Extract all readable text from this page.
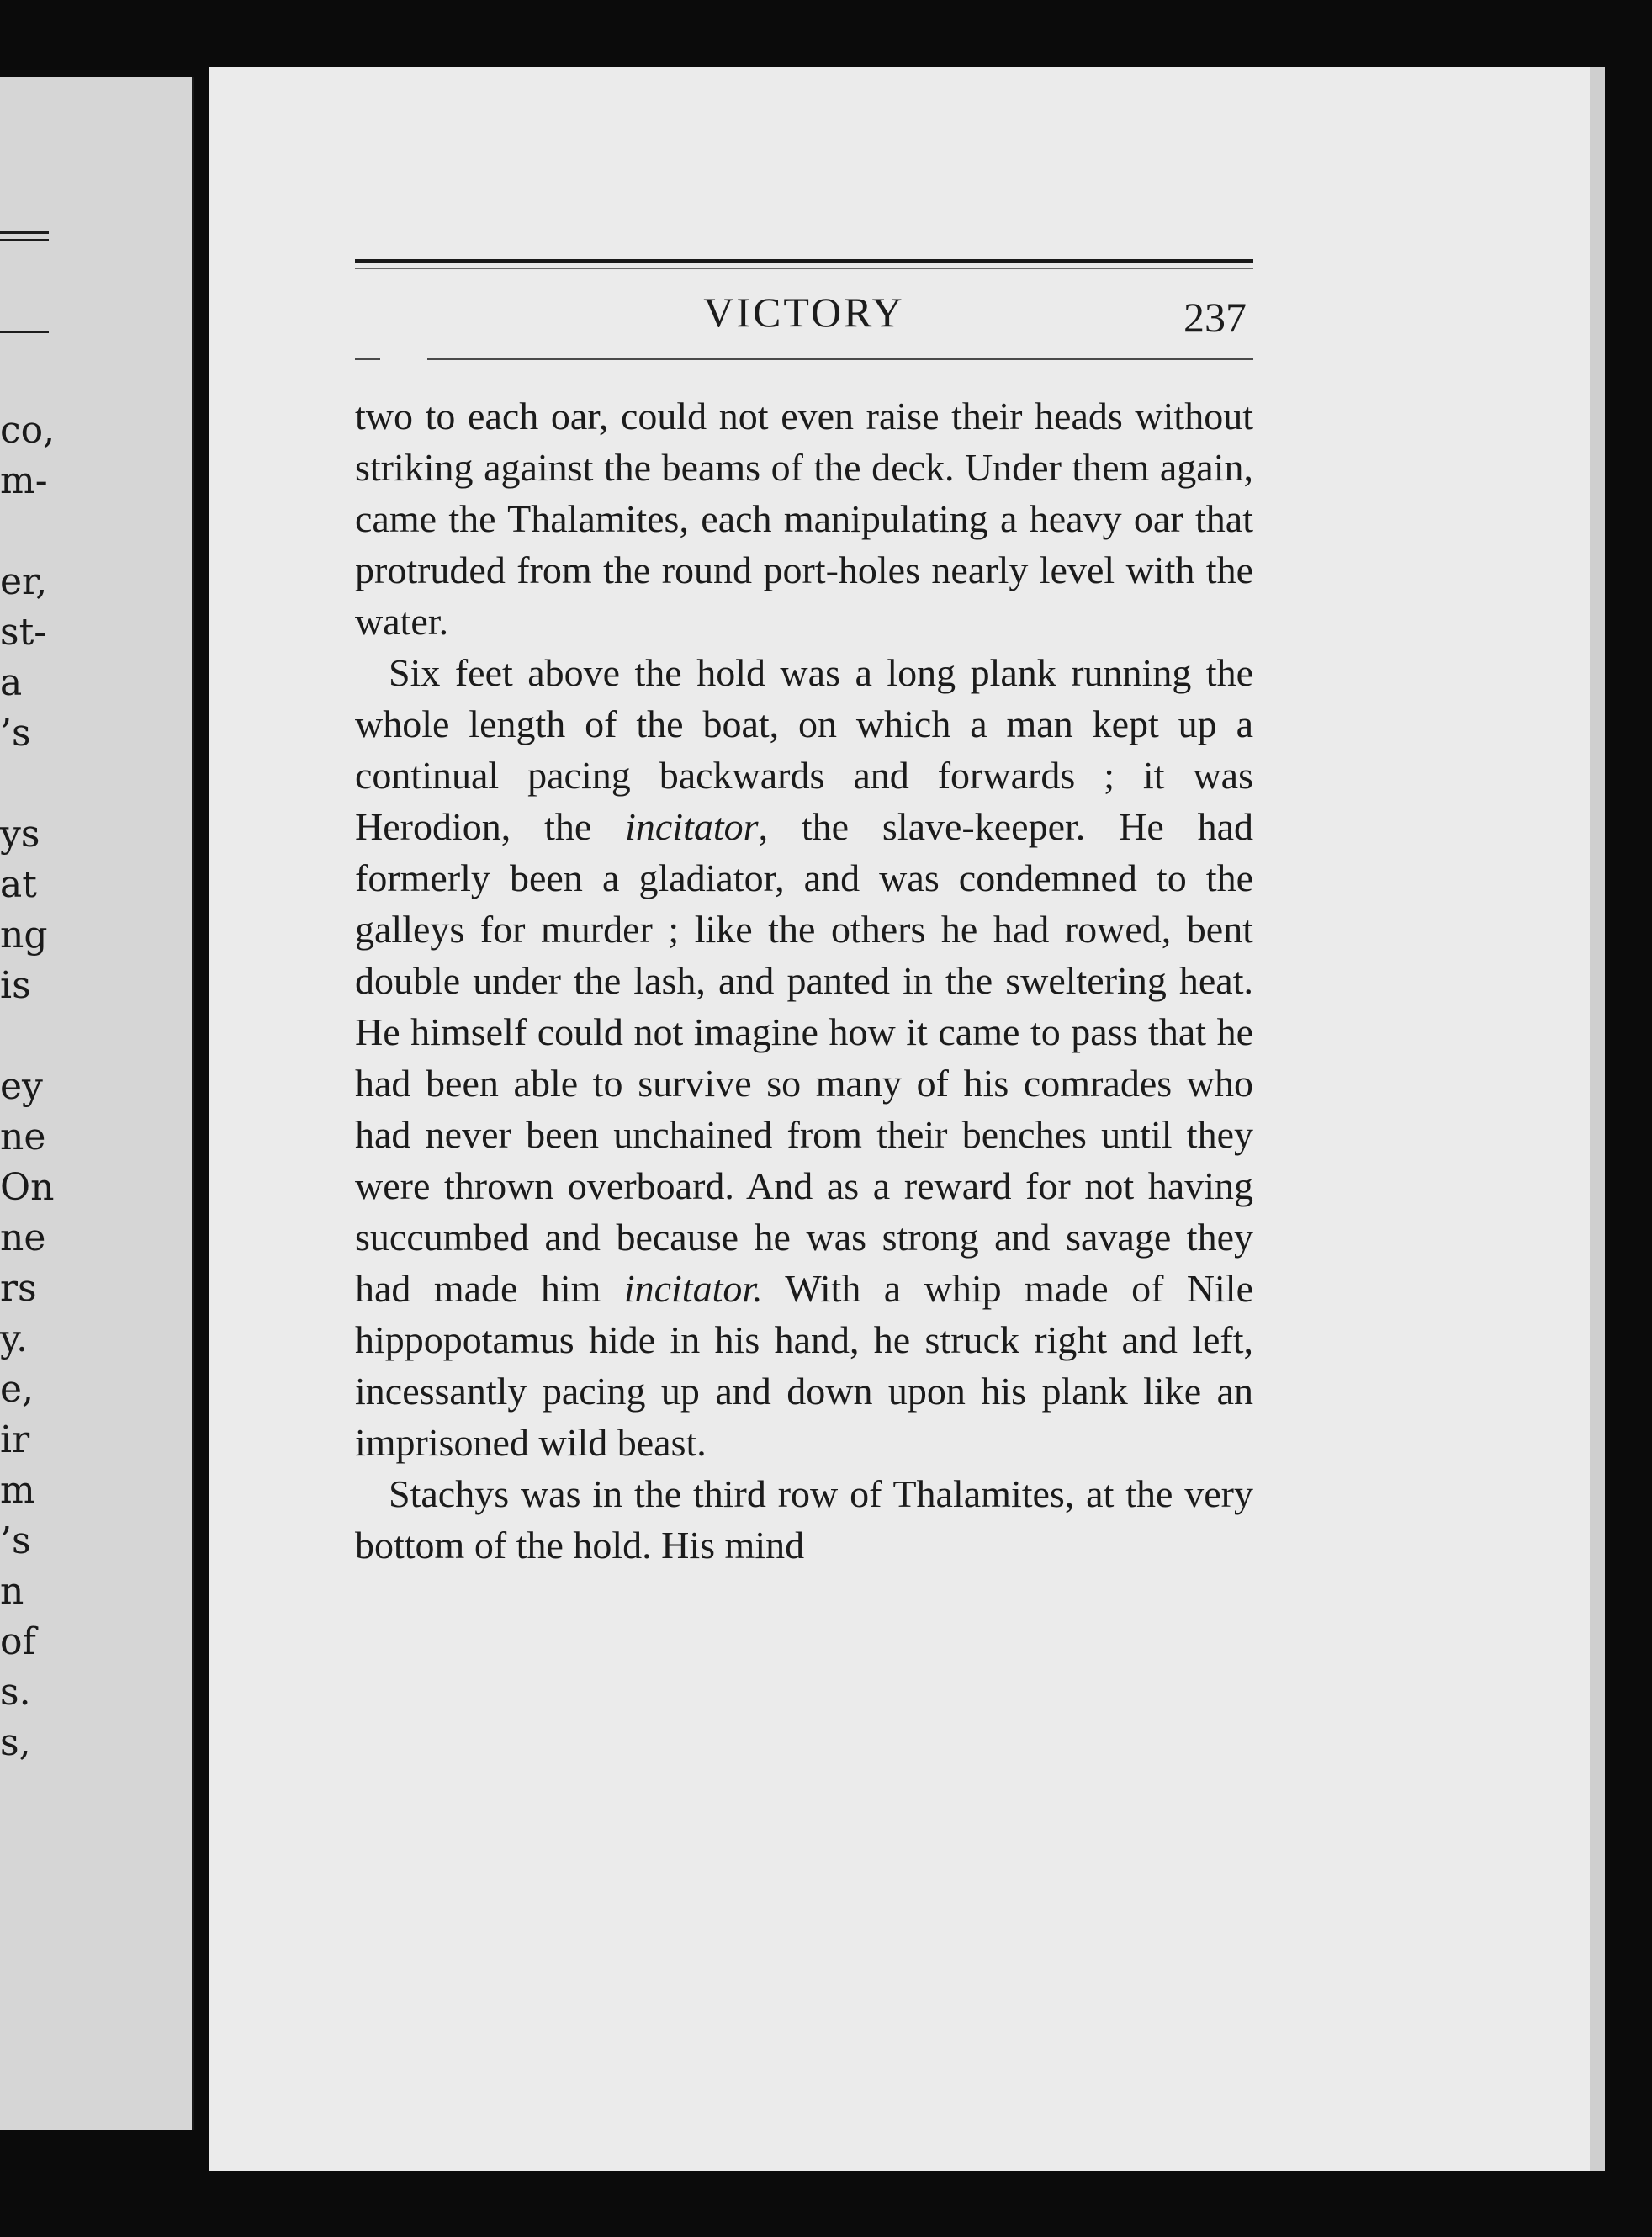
co,
m-
er,
st-
a
’s
ys
at
ng
is
ey
ne
On
ne
rs
y.
e,
ir
m
’s
n
of
s.
s,
VICTORY	237

two to each oar, could not even raise their heads without striking against the beams of the deck. Under them again, came the Thalamites, each manipulating a heavy oar that protruded from the round port-holes nearly level with the water.

Six feet above the hold was a long plank running the whole length of the boat, on which a man kept up a continual pacing backwards and forwards ; it was Herodion, the incitator, the slave-keeper. He had formerly been a gladiator, and was condemned to the galleys for murder ; like the others he had rowed, bent double under the lash, and panted in the sweltering heat. He himself could not imagine how it came to pass that he had been able to survive so many of his comrades who had never been unchained from their benches until they were thrown overboard. And as a reward for not having succumbed and because he was strong and savage they had made him incitator. With a whip made of Nile hippopotamus hide in his hand, he struck right and left, incessantly pacing up and down upon his plank like an imprisoned wild beast.

Stachys was in the third row of Thalamites, at the very bottom of the hold. His mind
